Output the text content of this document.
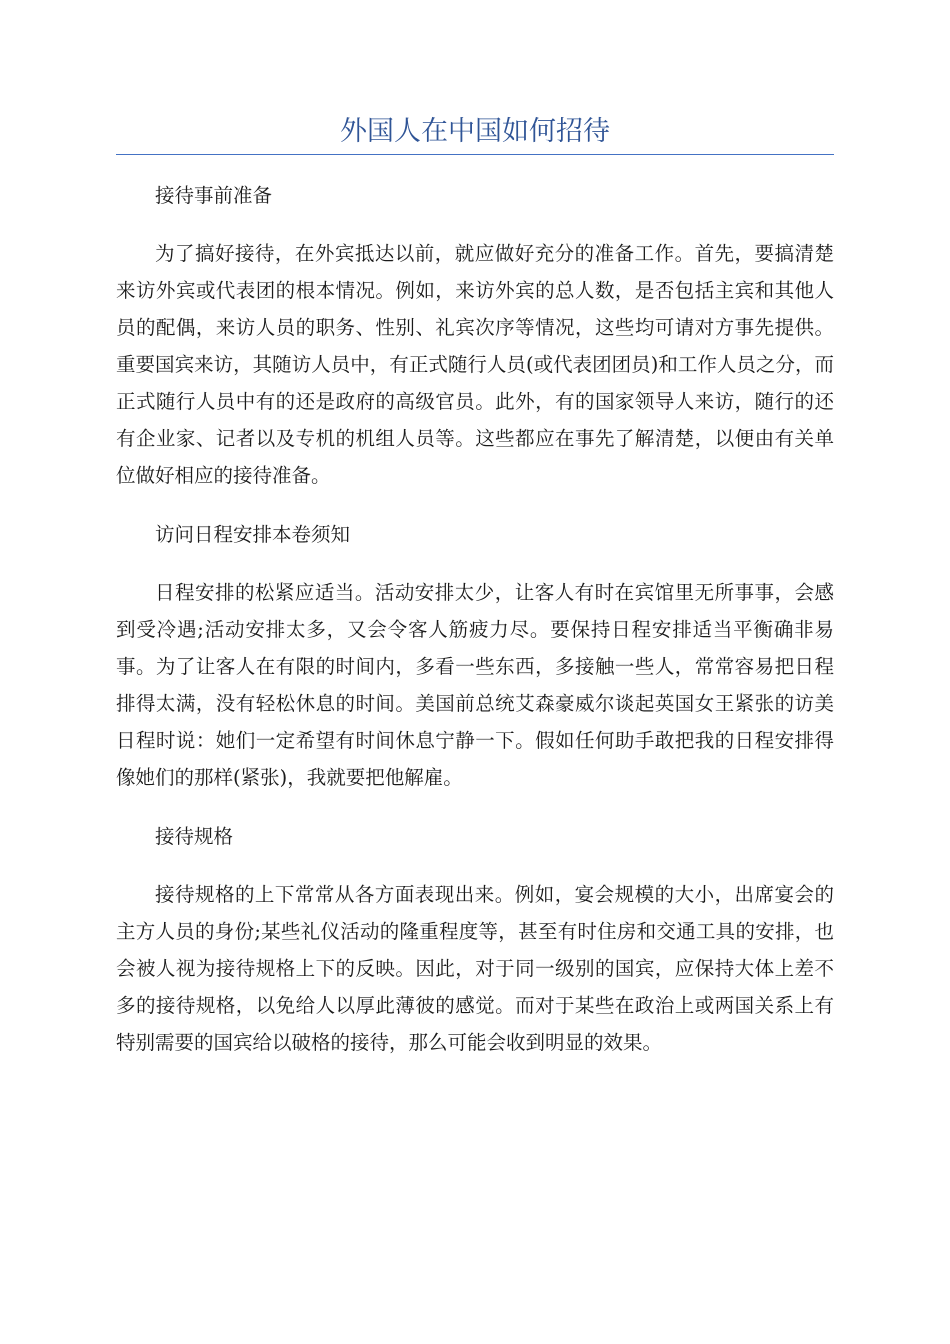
外国人在中国如何招待

接待事前准备

为了搞好接待，在外宾抵达以前，就应做好充分的准备工作。首先，要搞清楚来访外宾或代表团的根本情况。例如，来访外宾的总人数，是否包括主宾和其他人员的配偶，来访人员的职务、性别、礼宾次序等情况，这些均可请对方事先提供。重要国宾来访，其随访人员中，有正式随行人员(或代表团团员)和工作人员之分，而正式随行人员中有的还是政府的高级官员。此外，有的国家领导人来访，随行的还有企业家、记者以及专机的机组人员等。这些都应在事先了解清楚，以便由有关单位做好相应的接待准备。

访问日程安排本卷须知

日程安排的松紧应适当。活动安排太少，让客人有时在宾馆里无所事事，会感到受冷遇;活动安排太多，又会令客人筋疲力尽。要保持日程安排适当平衡确非易事。为了让客人在有限的时间内，多看一些东西，多接触一些人，常常容易把日程排得太满，没有轻松休息的时间。美国前总统艾森豪威尔谈起英国女王紧张的访美日程时说：她们一定希望有时间休息宁静一下。假如任何助手敢把我的日程安排得像她们的那样(紧张)，我就要把他解雇。

接待规格

接待规格的上下常常从各方面表现出来。例如，宴会规模的大小，出席宴会的主方人员的身份;某些礼仪活动的隆重程度等，甚至有时住房和交通工具的安排，也会被人视为接待规格上下的反映。因此，对于同一级别的国宾，应保持大体上差不多的接待规格，以免给人以厚此薄彼的感觉。而对于某些在政治上或两国关系上有特别需要的国宾给以破格的接待，那么可能会收到明显的效果。
